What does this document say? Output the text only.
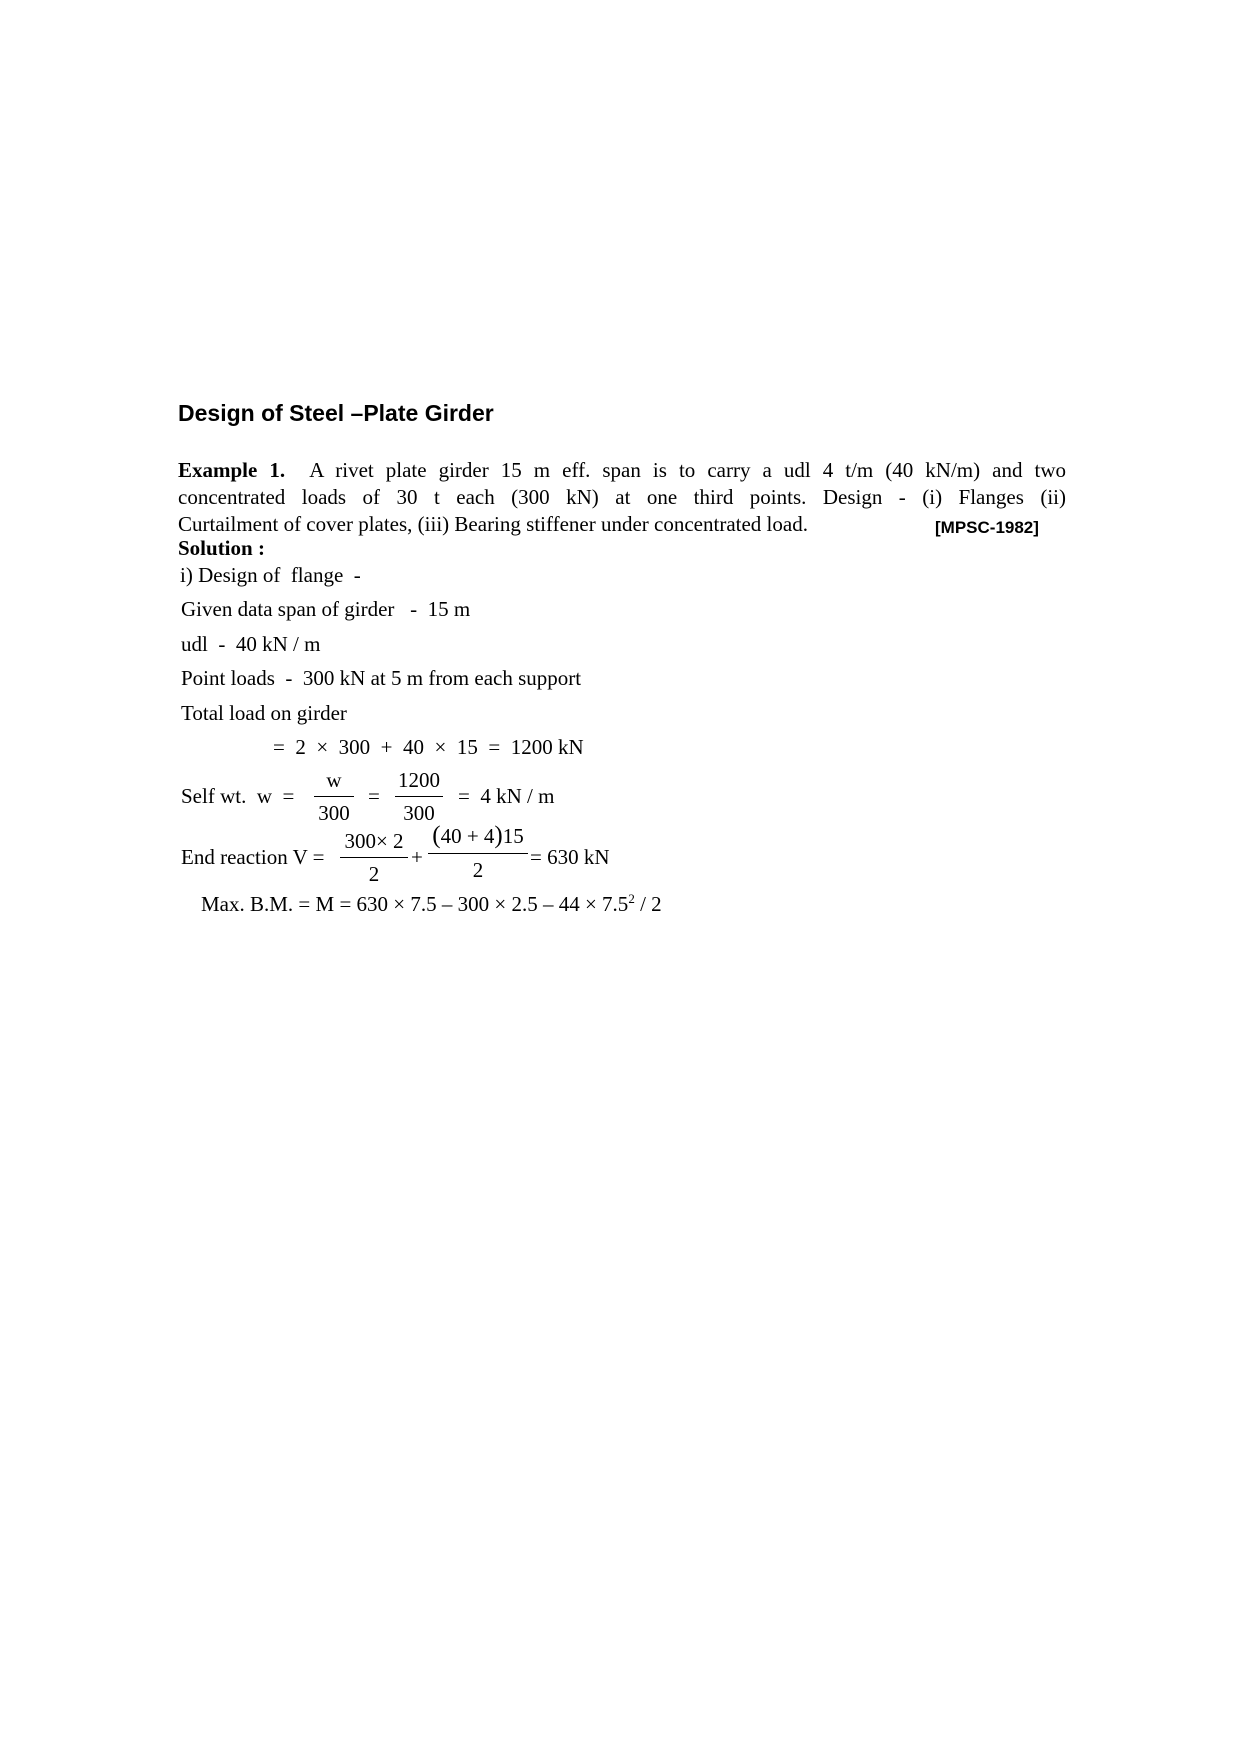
Design of Steel –Plate Girder
Example 1. A rivet plate girder 15 m eff. span is to carry a udl 4 t/m (40 kN/m) and two
concentrated loads of 30 t each (300 kN) at one third points. Design - (i) Flanges (ii)
Curtailment of cover plates, (iii) Bearing stiffener under concentrated load.	[MPSC-1982]
Solution :
i) Design of  flange  -
Given data span of girder   -  15 m
udl  -  40 kN / m
Point loads  -  300 kN at 5 m from each support
Total load on girder
=  2  ×  300  +  40  ×  15  =  1200 kN
Self wt.  w  =
w
300
=
1200
300
=  4 kN / m
End reaction V =
300× 2
2
+
(40 + 4)15
2
= 630 kN
Max. B.M. = $M = 630 \times 7.5 - 300 \times 2.5 - 44 \times 7.5^2 / 2$
